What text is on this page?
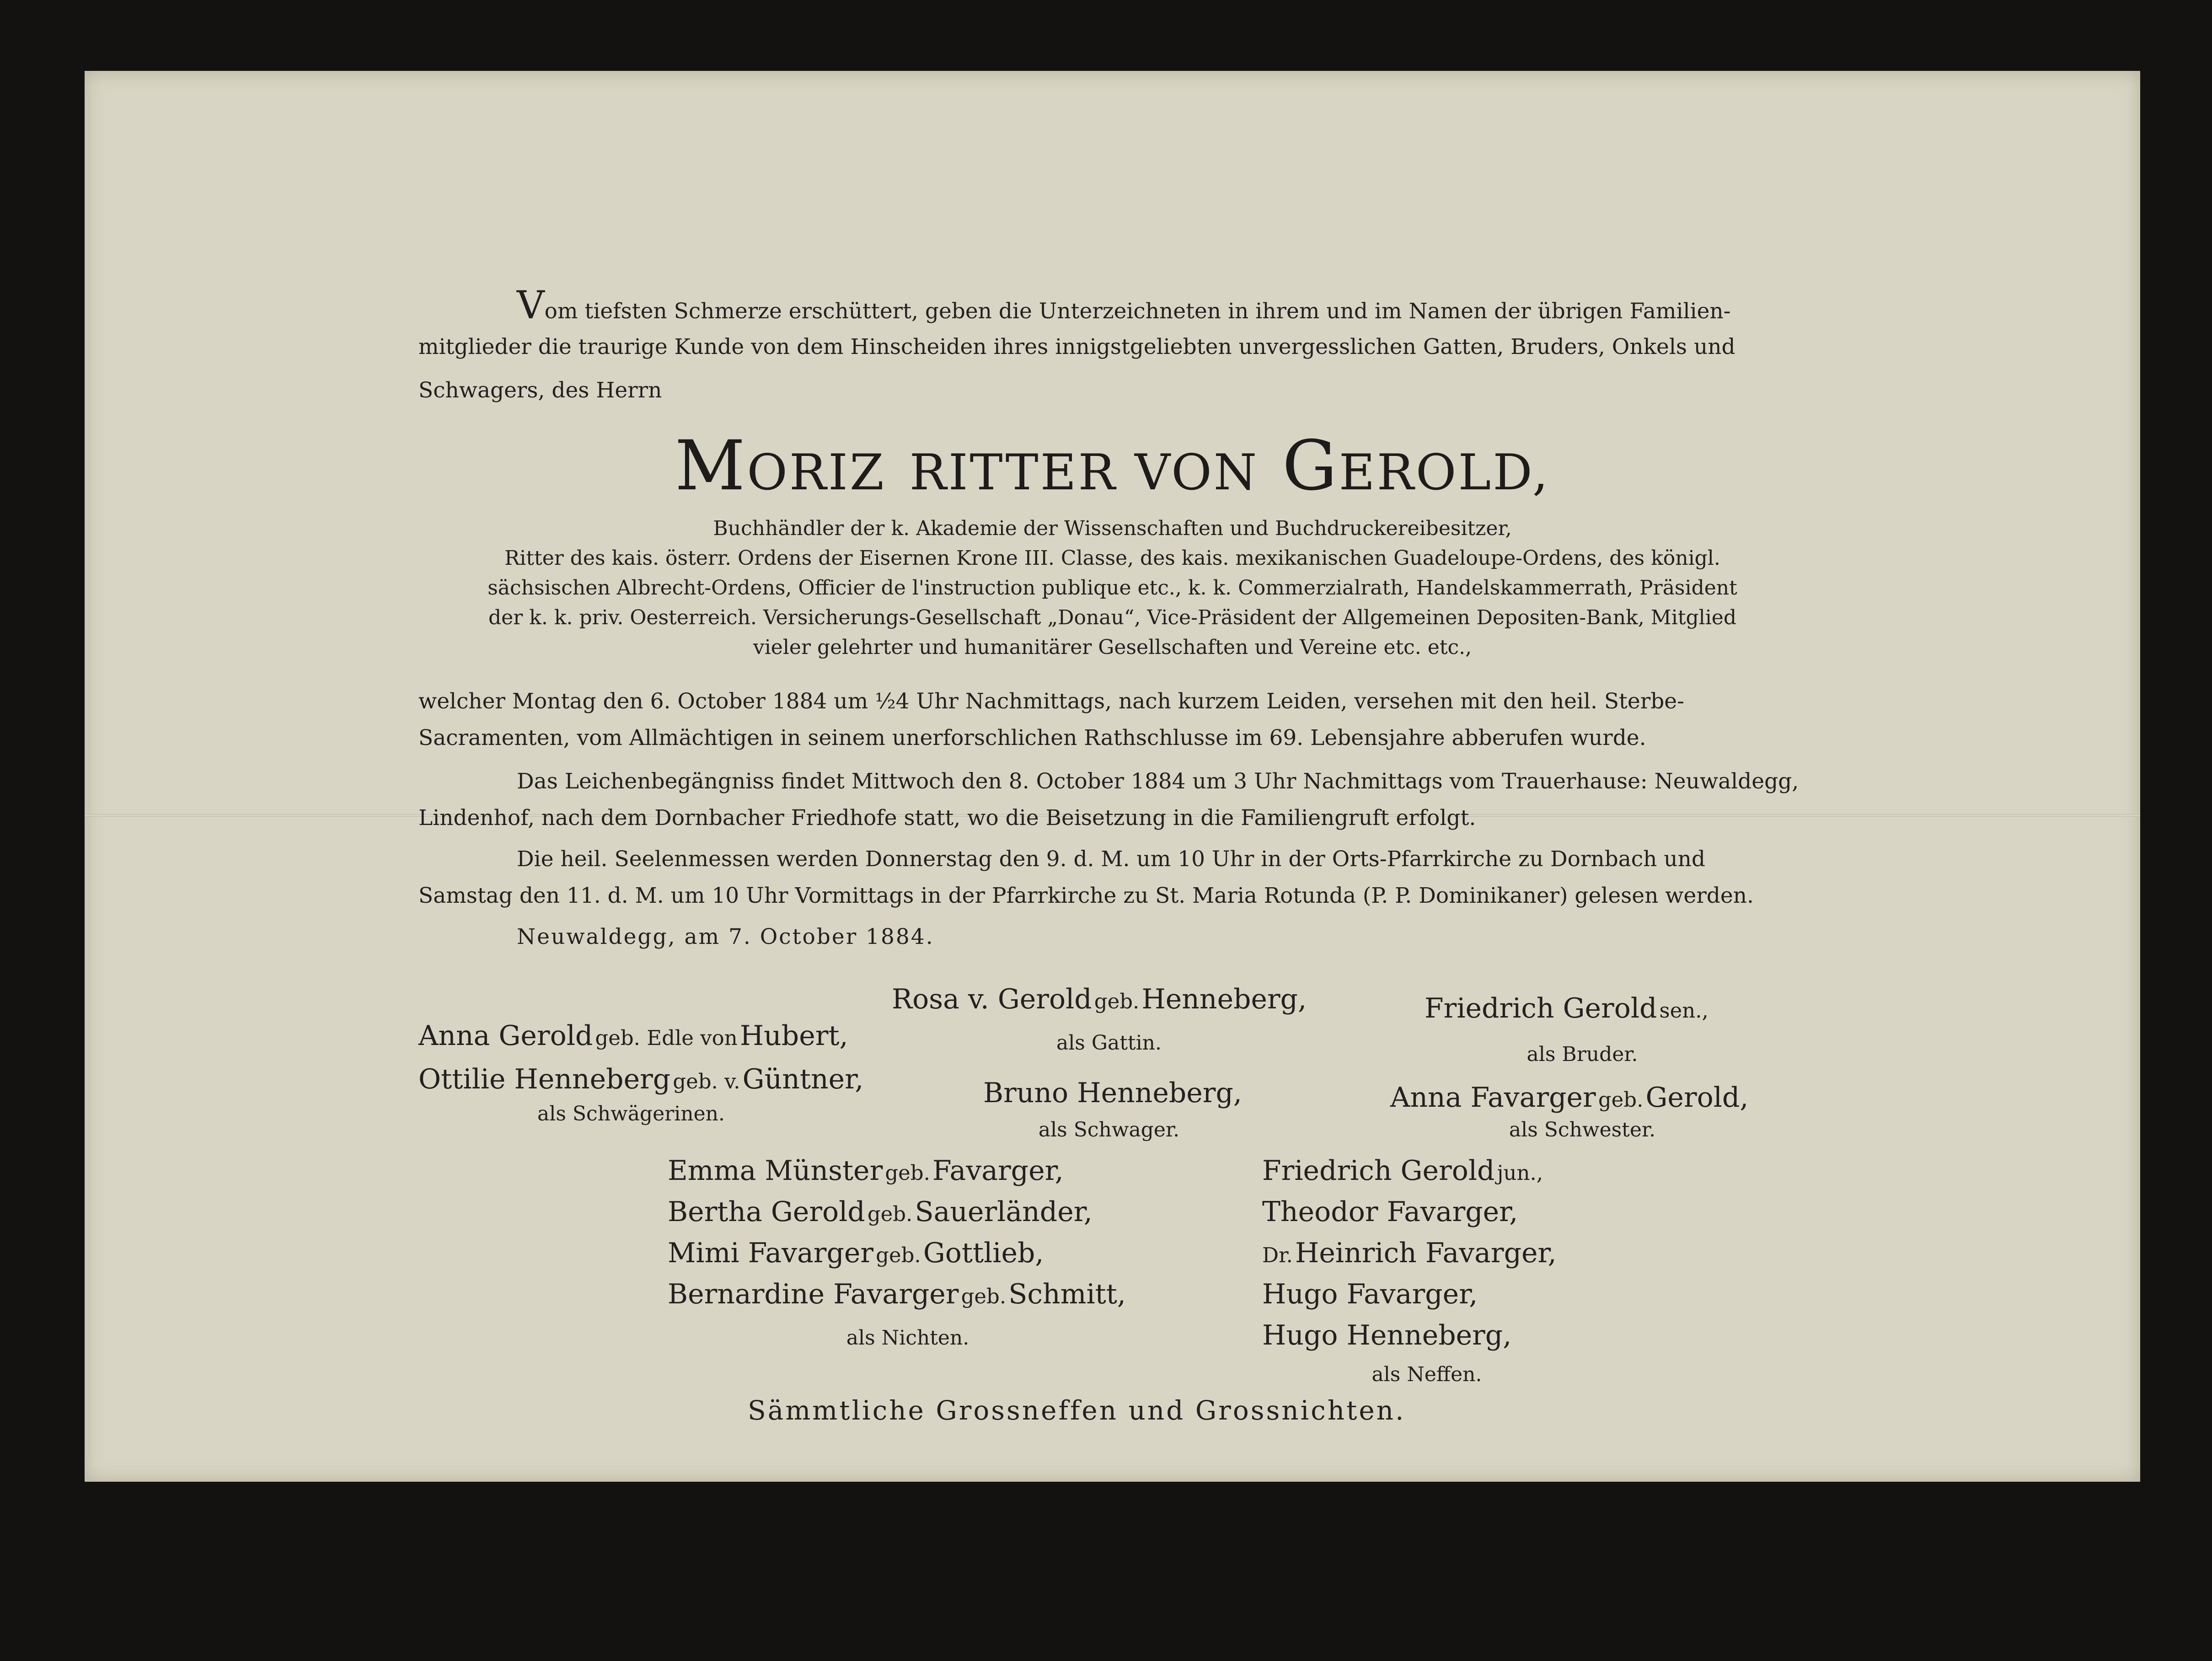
Vom tiefsten Schmerze erschüttert, geben die Unterzeichneten in ihrem und im Namen der übrigen Familien-
mitglieder die traurige Kunde von dem Hinscheiden ihres innigstgeliebten unvergesslichen Gatten, Bruders, Onkels und
Schwagers, des Herrn
MORIZ RITTER VON GEROLD,
Buchhändler der k. Akademie der Wissenschaften und Buchdruckereibesitzer,
Ritter des kais. österr. Ordens der Eisernen Krone III. Classe, des kais. mexikanischen Guadeloupe-Ordens, des königl.
sächsischen Albrecht-Ordens, Officier de l'instruction publique etc., k. k. Commerzialrath, Handelskammerrath, Präsident
der k. k. priv. Oesterreich. Versicherungs-Gesellschaft „Donau“, Vice-Präsident der Allgemeinen Depositen-Bank, Mitglied
vieler gelehrter und humanitärer Gesellschaften und Vereine etc. etc.,
welcher Montag den 6. October 1884 um ½4 Uhr Nachmittags, nach kurzem Leiden, versehen mit den heil. Sterbe-
Sacramenten, vom Allmächtigen in seinem unerforschlichen Rathschlusse im 69. Lebensjahre abberufen wurde.
Das Leichenbegängniss findet Mittwoch den 8. October 1884 um 3 Uhr Nachmittags vom Trauerhause: Neuwaldegg,
Lindenhof, nach dem Dornbacher Friedhofe statt, wo die Beisetzung in die Familiengruft erfolgt.
Die heil. Seelenmessen werden Donnerstag den 9. d. M. um 10 Uhr in der Orts-Pfarrkirche zu Dornbach und
Samstag den 11. d. M. um 10 Uhr Vormittags in der Pfarrkirche zu St. Maria Rotunda (P. P. Dominikaner) gelesen werden.
Neuwaldegg, am 7. October 1884.
Anna Gerold geb. Edle von Hubert,
Ottilie Henneberg geb. v. Güntner,
als Schwägerinen.
Rosa v. Gerold geb. Henneberg,
als Gattin.
Bruno Henneberg,
als Schwager.
Friedrich Gerold sen.,
als Bruder.
Anna Favarger geb. Gerold,
als Schwester.
Emma Münster geb. Favarger,
Bertha Gerold geb. Sauerländer,
Mimi Favarger geb. Gottlieb,
Bernardine Favarger geb. Schmitt,
als Nichten.
Friedrich Gerold jun.,
Theodor Favarger,
Dr. Heinrich Favarger,
Hugo Favarger,
Hugo Henneberg,
als Neffen.
Sämmtliche Grossneffen und Grossnichten.
